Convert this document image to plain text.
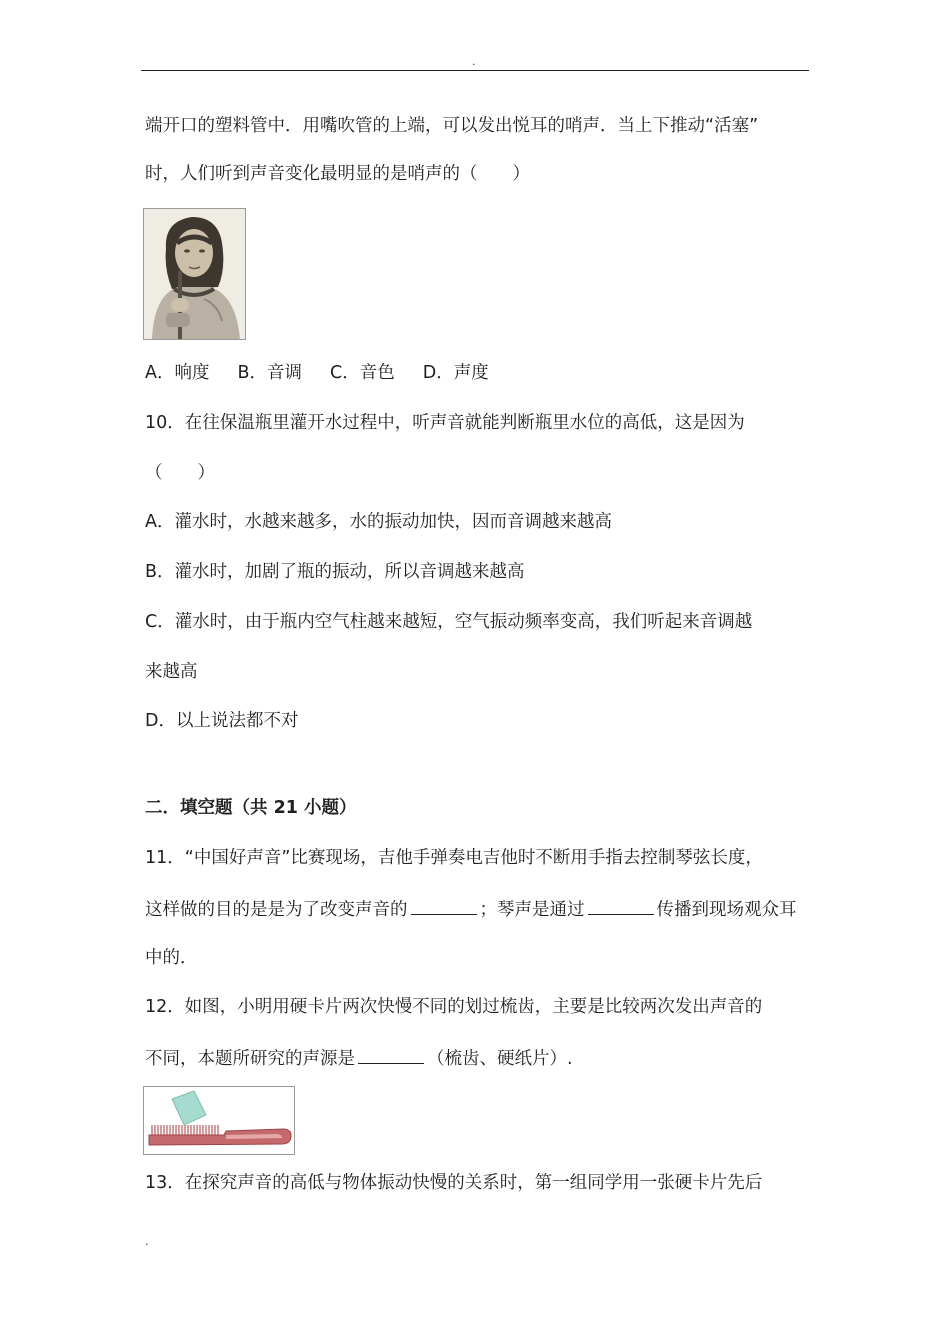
.
端开口的塑料管中．用嘴吹管的上端，可以发出悦耳的哨声．当上下推动“活塞”
时，人们听到声音变化最明显的是哨声的（　　）
A．响度 B．音调 C．音色 D．声度
10．在往保温瓶里灌开水过程中，听声音就能判断瓶里水位的高低，这是因为
（　　）
A．灌水时，水越来越多，水的振动加快，因而音调越来越高
B．灌水时，加剧了瓶的振动，所以音调越来越高
C．灌水时，由于瓶内空气柱越来越短，空气振动频率变高，我们听起来音调越
来越高
D．以上说法都不对
二．填空题（共 21 小题）
11．“中国好声音”比赛现场，吉他手弹奏电吉他时不断用手指去控制琴弦长度，
这样做的目的是是为了改变声音的	；琴声是通过	传播到现场观众耳
中的．
12．如图，小明用硬卡片两次快慢不同的划过梳齿，主要是比较两次发出声音的
不同，本题所研究的声源是	（梳齿、硬纸片）.
13．在探究声音的高低与物体振动快慢的关系时，第一组同学用一张硬卡片先后
.
